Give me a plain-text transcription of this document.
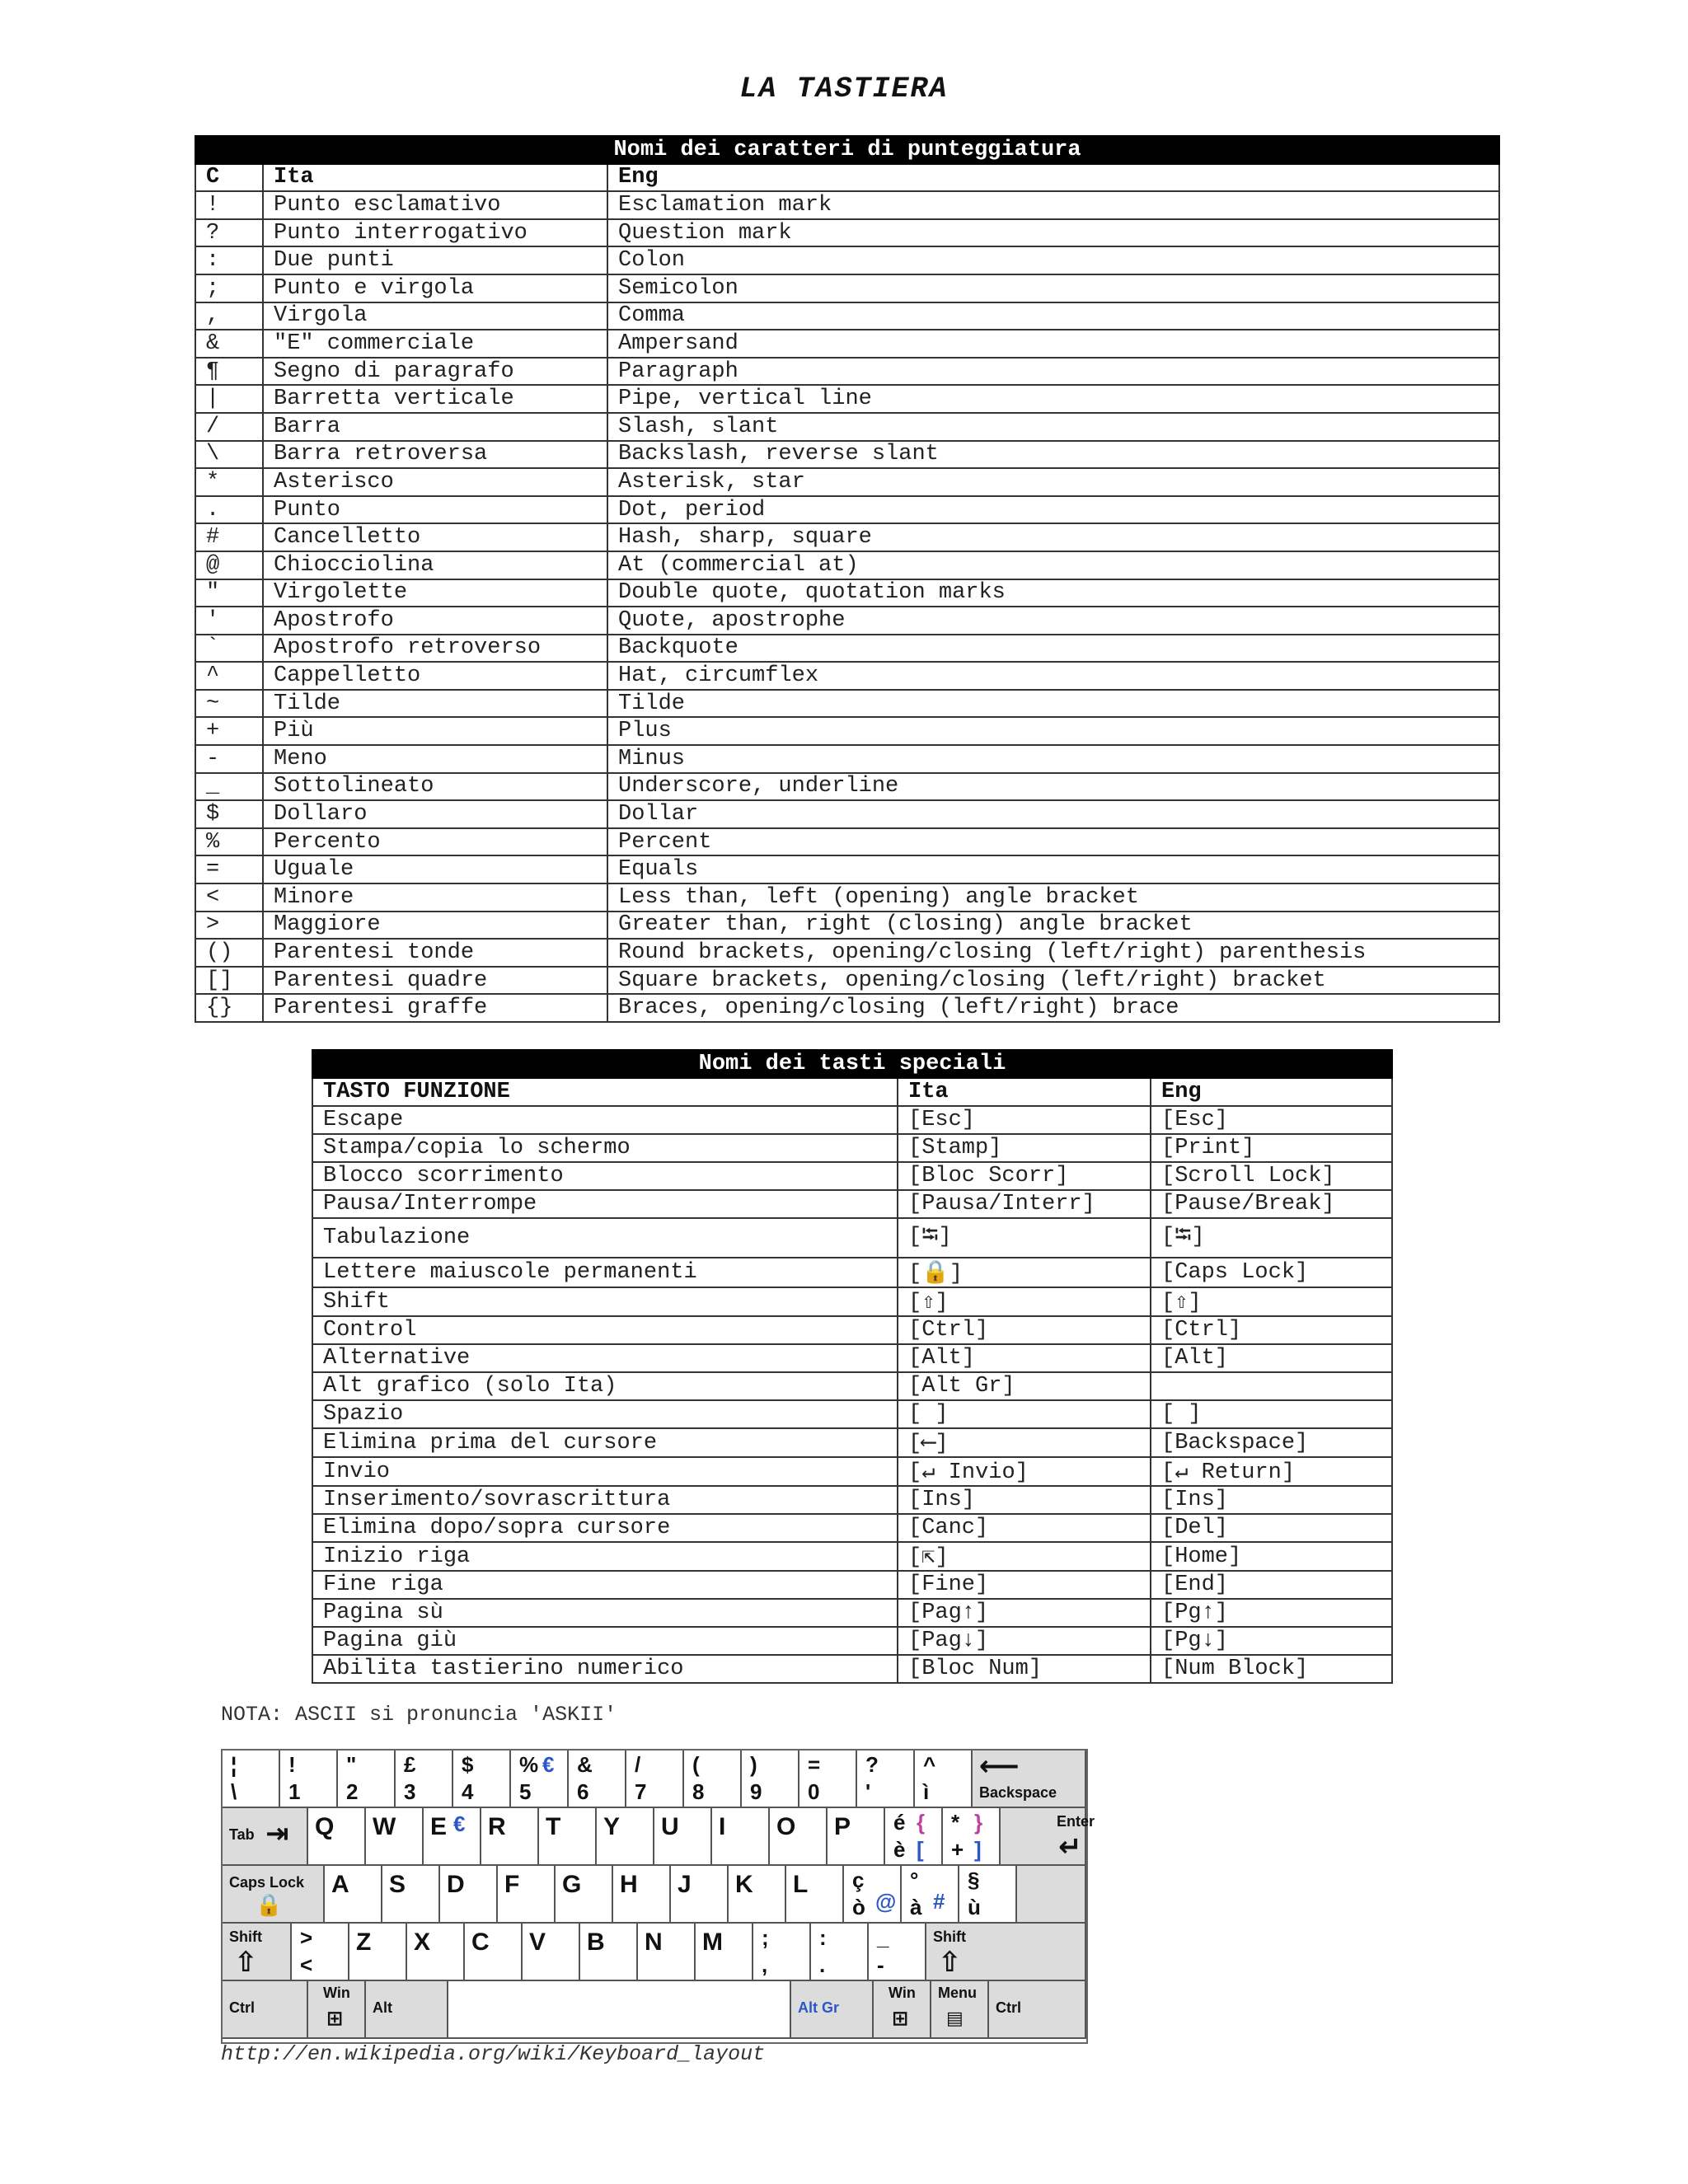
LA TASTIERA
Nomi dei caratteri di punteggiatura		
C	Ita	Eng
!	Punto esclamativo	Esclamation mark
?	Punto interrogativo	Question mark
:	Due punti	Colon
;	Punto e virgola	Semicolon
,	Virgola	Comma
&	"E" commerciale	Ampersand
¶	Segno di paragrafo	Paragraph
|	Barretta verticale	Pipe, vertical line
/	Barra	Slash, slant
\	Barra retroversa	Backslash, reverse slant
*	Asterisco	Asterisk, star
.	Punto	Dot, period
#	Cancelletto	Hash, sharp, square
@	Chiocciolina	At (commercial at)
"	Virgolette	Double quote, quotation marks
'	Apostrofo	Quote, apostrophe
`	Apostrofo retroverso	Backquote
^	Cappelletto	Hat, circumflex
~	Tilde	Tilde
+	Più	Plus
-	Meno	Minus
_	Sottolineato	Underscore, underline
$	Dollaro	Dollar
%	Percento	Percent
=	Uguale	Equals
<	Minore	Less than, left (opening) angle bracket
>	Maggiore	Greater than, right (closing) angle bracket
()	Parentesi tonde	Round brackets, opening/closing (left/right) parenthesis
[]	Parentesi quadre	Square brackets, opening/closing (left/right) bracket
{}	Parentesi graffe	Braces, opening/closing (left/right) brace
Nomi dei tasti speciali		
TASTO FUNZIONE	Ita	Eng
Escape	[Esc]	[Esc]
Stampa/copia lo schermo	[Stamp]	[Print]
Blocco scorrimento	[Bloc Scorr]	[Scroll Lock]
Pausa/Interrompe	[Pausa/Interr]	[Pause/Break]
Tabulazione	[⭾]	[⭾]
Lettere maiuscole permanenti	[🔒]	[Caps Lock]
Shift	[⇧]	[⇧]
Control	[Ctrl]	[Ctrl]
Alternative	[Alt]	[Alt]
Alt grafico (solo Ita)	[Alt Gr]	
Spazio	[ ]	[ ]
Elimina prima del cursore	[⟵]	[Backspace]
Invio	[↵ Invio]	[↵ Return]
Inserimento/sovrascrittura	[Ins]	[Ins]
Elimina dopo/sopra cursore	[Canc]	[Del]
Inizio riga	[⇱]	[Home]
Fine riga	[Fine]	[End]
Pagina sù	[Pag↑]	[Pg↑]
Pagina giù	[Pag↓]	[Pg↓]
Abilita tastierino numerico	[Bloc Num]	[Num Block]
NOTA: ASCII si pronuncia 'ASKII'
¦
\
!
1
"
2
£
3
$
4
%
5
€ &
6
/
7
(
8
)
9
=
0
?
'
^
ì
⟵
Backspace
Tab ⇥ Q W E € R T Y U I O P é
è
{
[
*
+
}
]
Enter
↵
Caps Lock
🔒
A S D F G H J K L ç
ò @
°
à #
§
ù
Shift
⇧
>
<
Z X C V B N M ;
,
:
.
_
-
Shift
⇧
Ctrl
Win
⊞ Alt	Alt Gr
Win
⊞
Menu
▤ Ctrl
http://en.wikipedia.org/wiki/Keyboard_layout
